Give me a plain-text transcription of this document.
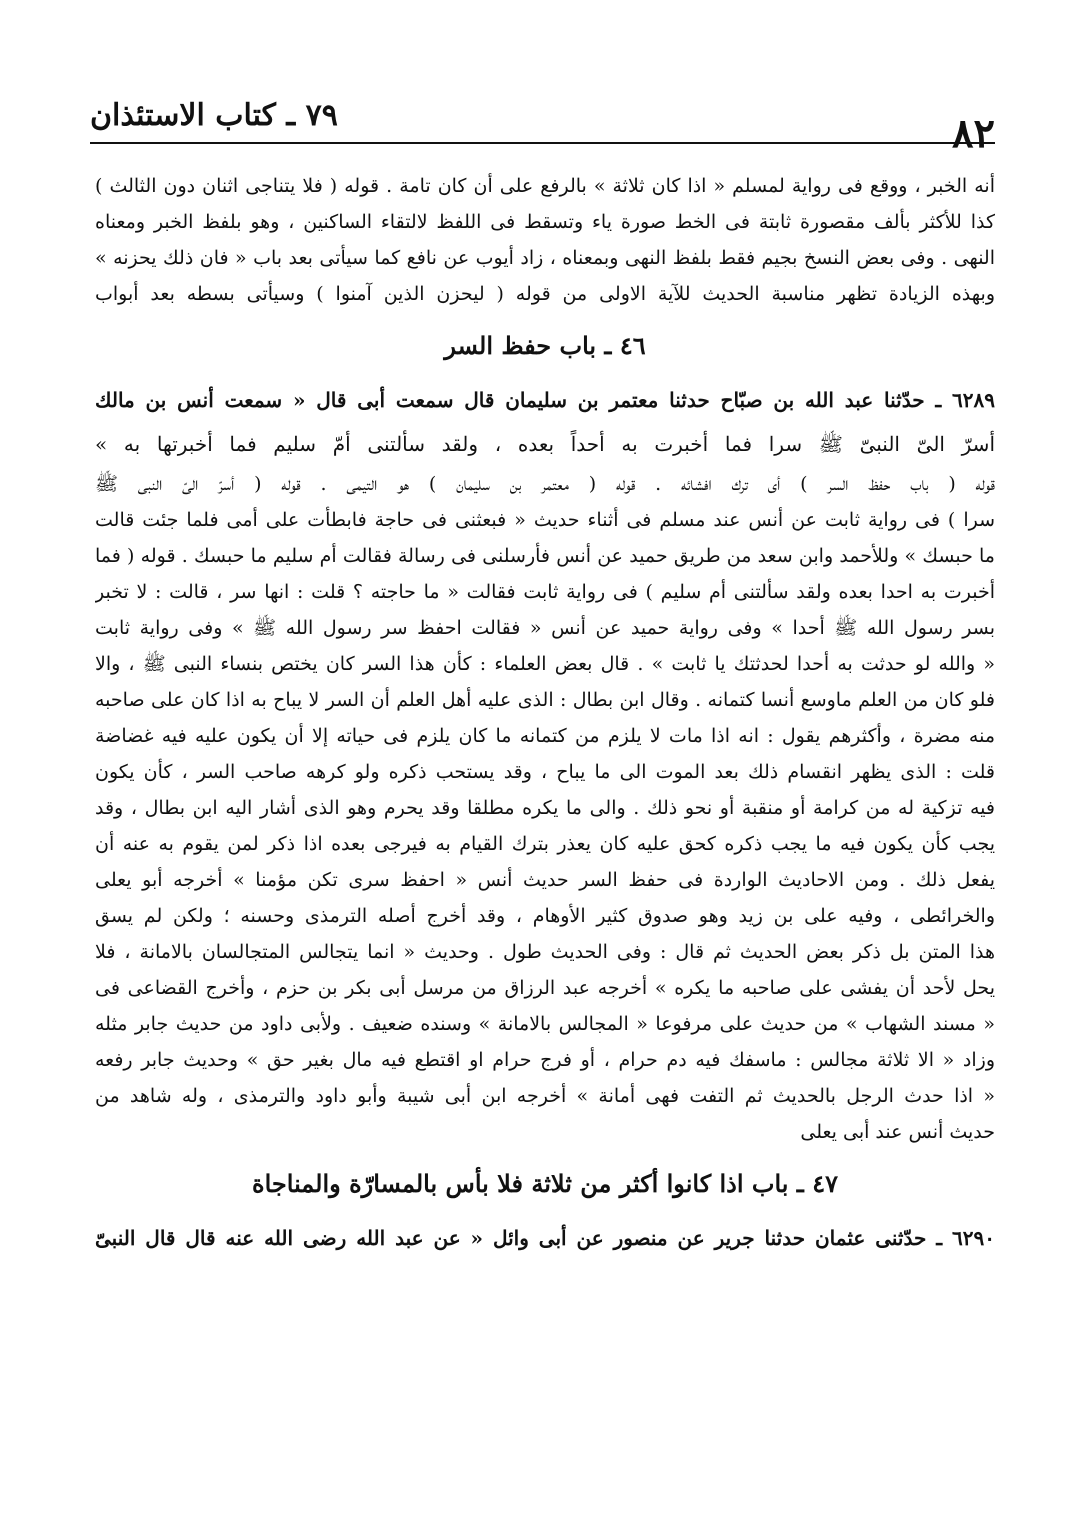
٨٢
٧٩ ـ كتاب الاستئذان
أنه الخبر ، ووقع فى رواية لمسلم « اذا كان ثلاثة » بالرفع على أن كان تامة . قوله ( فلا يتناجى اثنان دون الثالث )
كذا للأكثر بألف مقصورة ثابتة فى الخط صورة ياء وتسقط فى اللفظ لالتقاء الساكنين ، وهو بلفظ الخبر ومعناه
النهى . وفى بعض النسخ بجيم فقط بلفظ النهى وبمعناه ، زاد أيوب عن نافع كما سيأتى بعد باب « فان ذلك يحزنه »
وبهذه الزيادة تظهر مناسبة الحديث للآية الاولى من قوله ( ليحزن الذين آمنوا ) وسيأتى بسطه بعد أبواب
٤٦ ـ باب حفظ السر
٦٢٨٩ ـ حدّثنا عبد الله بن صبّاح حدثنا معتمر بن سليمان قال سمعت أبى قال « سمعت أنس بن مالك
أسرّ الىّ النبىّ ﷺ سرا فما أخبرت به أحداً بعده ، ولقد سألتنى أمّ سليم فما أخبرتها به »
قوله ( باب حفظ السر ) أى ترك افشائه . قوله ( معتمر بن سليمان ) هو التيمى . قوله ( أسرّ الىّ النبى ﷺ
سرا ) فى رواية ثابت عن أنس عند مسلم فى أثناء حديث « فبعثنى فى حاجة فابطأت على أمى فلما جئت قالت
ما حبسك » وللأحمد وابن سعد من طريق حميد عن أنس فأرسلنى فى رسالة فقالت أم سليم ما حبسك . قوله ( فما
أخبرت به احدا بعده ولقد سألتنى أم سليم ) فى رواية ثابت فقالت « ما حاجته ؟ قلت : انها سر ، قالت : لا تخبر
بسر رسول الله ﷺ أحدا » وفى رواية حميد عن أنس « فقالت احفظ سر رسول الله ﷺ » وفى رواية ثابت
« والله لو حدثت به أحدا لحدثتك يا ثابت » . قال بعض العلماء : كأن هذا السر كان يختص بنساء النبى ﷺ ، والا
فلو كان من العلم ماوسع أنسا كتمانه . وقال ابن بطال : الذى عليه أهل العلم أن السر لا يباح به اذا كان على صاحبه
منه مضرة ، وأكثرهم يقول : انه اذا مات لا يلزم من كتمانه ما كان يلزم فى حياته إلا أن يكون عليه فيه غضاضة
قلت : الذى يظهر انقسام ذلك بعد الموت الى ما يباح ، وقد يستحب ذكره ولو كرهه صاحب السر ، كأن يكون
فيه تزكية له من كرامة أو منقبة أو نحو ذلك . والى ما يكره مطلقا وقد يحرم وهو الذى أشار اليه ابن بطال ، وقد
يجب كأن يكون فيه ما يجب ذكره كحق عليه كان يعذر بترك القيام به فيرجى بعده اذا ذكر لمن يقوم به عنه أن
يفعل ذلك . ومن الاحاديث الواردة فى حفظ السر حديث أنس « احفظ سرى تكن مؤمنا » أخرجه أبو يعلى
والخرائطى ، وفيه على بن زيد وهو صدوق كثير الأوهام ، وقد أخرج أصله الترمذى وحسنه ؛ ولكن لم يسق
هذا المتن بل ذكر بعض الحديث ثم قال : وفى الحديث طول . وحديث « انما يتجالس المتجالسان بالامانة ، فلا
يحل لأحد أن يفشى على صاحبه ما يكره » أخرجه عبد الرزاق من مرسل أبى بكر بن حزم ، وأخرج القضاعى فى
« مسند الشهاب » من حديث على مرفوعا « المجالس بالامانة » وسنده ضعيف . ولأبى داود من حديث جابر مثله
وزاد « الا ثلاثة مجالس : ماسفك فيه دم حرام ، أو فرج حرام او اقتطع فيه مال بغير حق » وحديث جابر رفعه
« اذا حدث الرجل بالحديث ثم التفت فهى أمانة » أخرجه ابن أبى شيبة وأبو داود والترمذى ، وله شاهد من
حديث أنس عند أبى يعلى
٤٧ ـ باب اذا كانوا أكثر من ثلاثة فلا بأس بالمسارّة والمناجاة
٦٢٩٠ ـ حدّثنى عثمان حدثنا جرير عن منصور عن أبى وائل « عن عبد الله رضى الله عنه قال قال النبىّ
